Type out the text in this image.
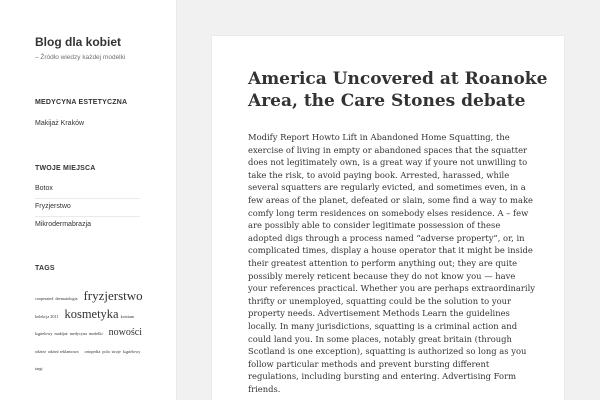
Blog dla kobiet
– Źródło wiedzy każdej modelki
MEDYCYNA ESTETYCZNA
Makijaż Kraków
TWOJE MIEJSCA
Botox
Fryzjerstwo
Mikrodermabrazja
TAGS
cooperated dermatologia fryzjerstwokolekcja 2011 kosmetyka kostium kąpielowy makijaż medycyna modelki nowościodzież odzież reklamowa ortopedia pola stroje kąpielowytargi
America Uncovered at Roanoke Area, the Care Stones debate

Modify Report Howto Lift in Abandoned Home Squatting, the exercise of living in empty or abandoned spaces that the squatter does not legitimately own, is a great way if youre not unwilling to take the risk, to avoid paying book. Arrested, harassed, while several squatters are regularly evicted, and sometimes even, in a few areas of the planet, defeated or slain, some find a way to make comfy long term residences on somebody elses residence. A – few are possibly able to consider legitimate possession of these adopted digs through a process named “adverse property”, or, in complicated times, display a house operator that it might be inside their greatest attention to perform anything out; they are quite possibly merely reticent because they do not know you — have your references practical. Whether you are perhaps extraordinarily thrifty or unemployed, squatting could be the solution to your property needs. Advertisement Methods Learn the guidelines locally. In many jurisdictions, squatting is a criminal action and could land you. In some places, notably great britain (through Scotland is one exception), squatting is authorized so long as you follow particular methods and prevent bursting different regulations, including bursting and entering. Advertising Form friends.
